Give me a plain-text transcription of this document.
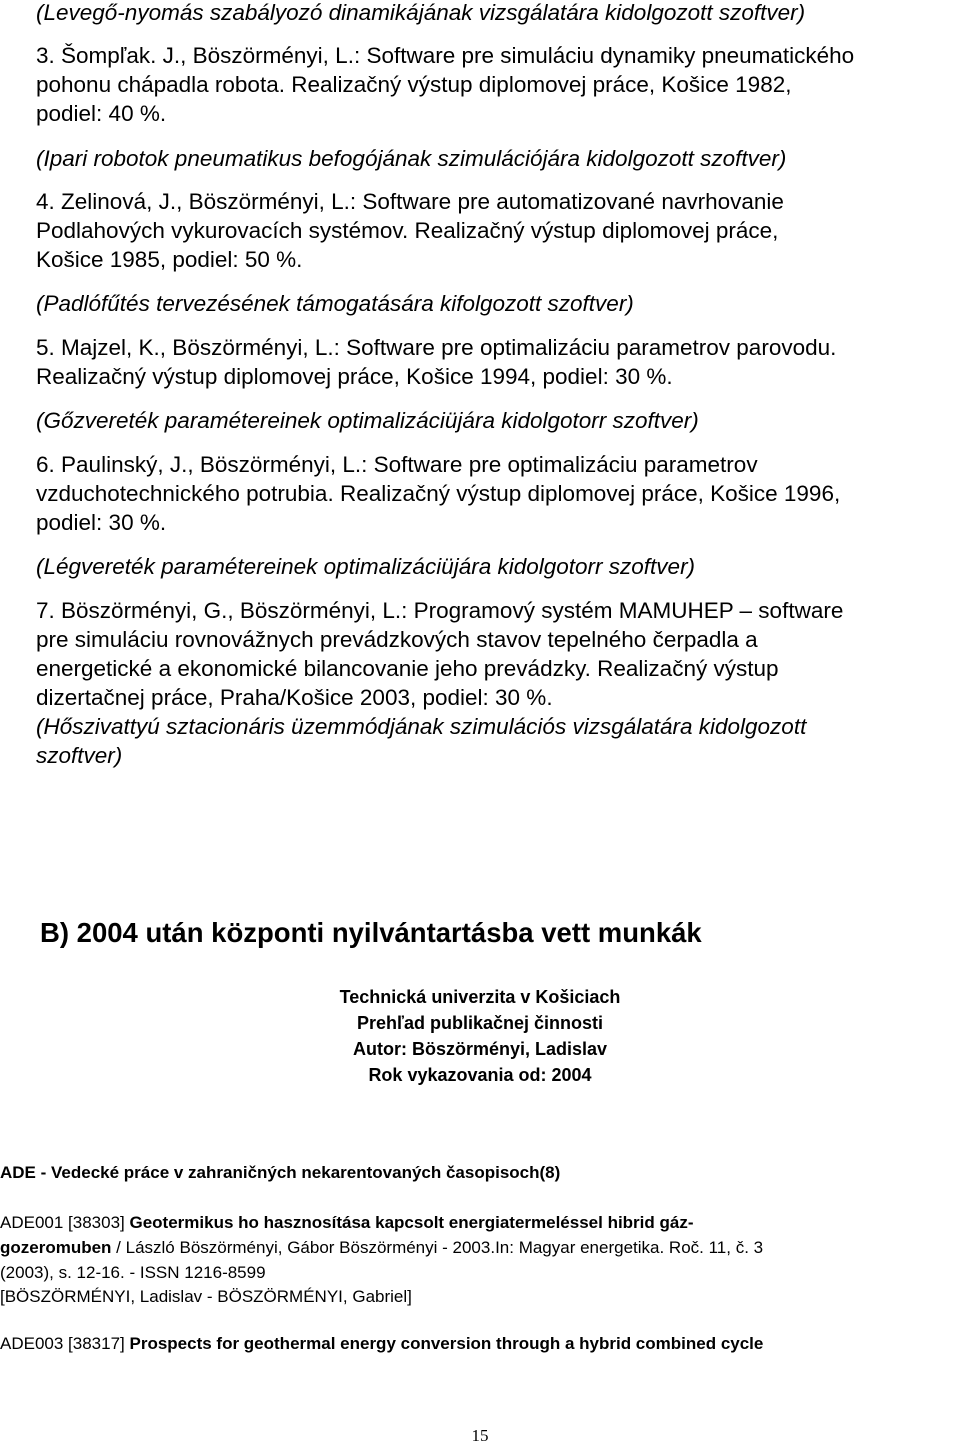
(Levegő-nyomás szabályozó dinamikájának vizsgálatára kidolgozott szoftver)
3. Šompľak. J., Böszörményi, L.: Software pre simuláciu dynamiky pneumatického
pohonu chápadla robota. Realizačný výstup diplomovej práce, Košice 1982,
podiel: 40 %.
(Ipari robotok pneumatikus befogójának szimulációjára kidolgozott szoftver)
4. Zelinová, J., Böszörményi, L.: Software pre automatizované navrhovanie
Podlahových vykurovacích systémov. Realizačný výstup diplomovej práce,
Košice 1985, podiel: 50 %.
(Padlófűtés tervezésének támogatására kifolgozott szoftver)
5. Majzel, K., Böszörményi, L.: Software pre optimalizáciu parametrov parovodu.
Realizačný výstup diplomovej práce, Košice 1994, podiel: 30 %.
(Gőzvereték paramétereinek optimalizáciüjára kidolgotorr szoftver)
6. Paulinský, J., Böszörményi, L.: Software pre optimalizáciu parametrov
vzduchotechnického potrubia. Realizačný výstup diplomovej práce, Košice 1996,
podiel: 30 %.
(Légvereték paramétereinek optimalizáciüjára kidolgotorr szoftver)
7. Böszörményi, G., Böszörményi, L.: Programový systém MAMUHEP – software
pre simuláciu rovnovážnych prevádzkových stavov tepelného čerpadla a
energetické a ekonomické bilancovanie jeho prevádzky. Realizačný výstup
dizertačnej práce, Praha/Košice 2003, podiel: 30 %.
(Hőszivattyú sztacionáris üzemmódjának szimulációs vizsgálatára kidolgozott
szoftver)
B) 2004 után központi nyilvántartásba vett munkák
Technická univerzita v Košiciach
Prehľad publikačnej činnosti
Autor: Böszörményi, Ladislav
Rok vykazovania od: 2004
ADE - Vedecké práce v zahraničných nekarentovaných časopisoch(8)
ADE001 [38303] Geotermikus ho hasznosítása kapcsolt energiatermeléssel hibrid gáz-
gozeromuben / László Böszörményi, Gábor Böszörményi - 2003.In: Magyar energetika. Roč. 11, č. 3
(2003), s. 12-16. - ISSN 1216-8599
[BÖSZÖRMÉNYI, Ladislav - BÖSZÖRMÉNYI, Gabriel]
ADE003 [38317] Prospects for geothermal energy conversion through a hybrid combined cycle
15
